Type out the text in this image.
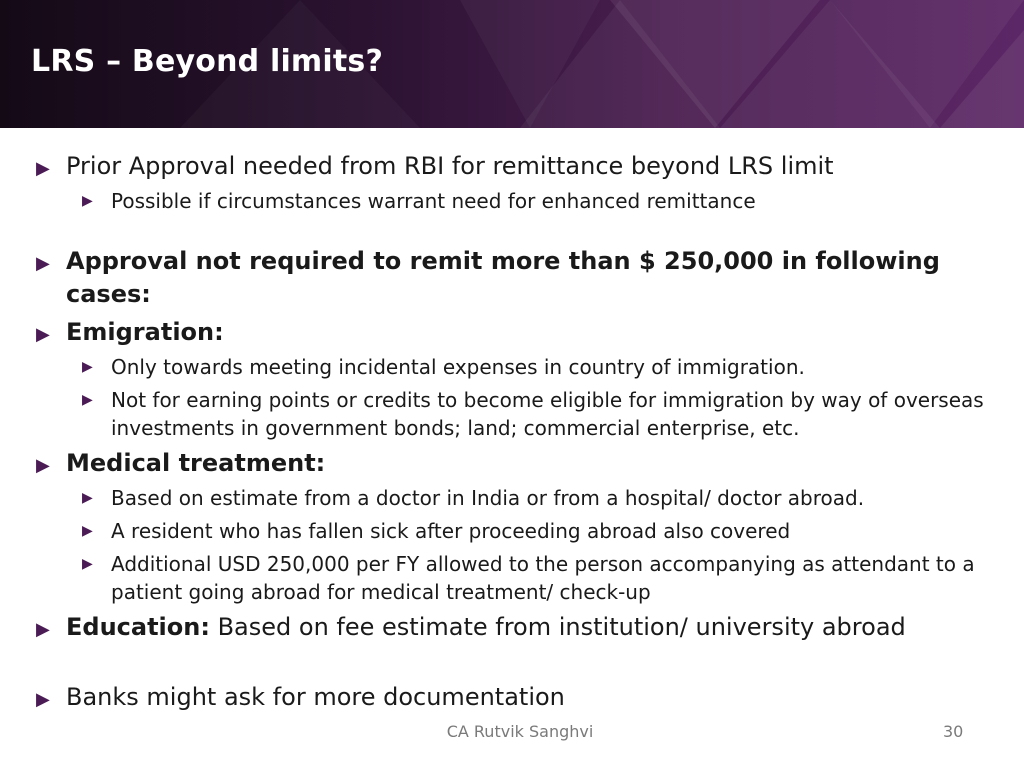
LRS – Beyond limits?
▶ Prior Approval needed from RBI for remittance beyond LRS limit
▶ Possible if circumstances warrant need for enhanced remittance
▶ Approval not required to remit more than $ 250,000 in following cases:
▶ Emigration:
▶ Only towards meeting incidental expenses in country of immigration.
▶ Not for earning points or credits to become eligible for immigration by way of overseas investments in government bonds; land; commercial enterprise, etc.
▶ Medical treatment:
▶ Based on estimate from a doctor in India or from a hospital/ doctor abroad.
▶ A resident who has fallen sick after proceeding abroad also covered
▶ Additional USD 250,000 per FY allowed to the person accompanying as attendant to a patient going abroad for medical treatment/ check-up
▶ Education: Based on fee estimate from institution/ university abroad
▶ Banks might ask for more documentation
CA Rutvik Sanghvi	30
